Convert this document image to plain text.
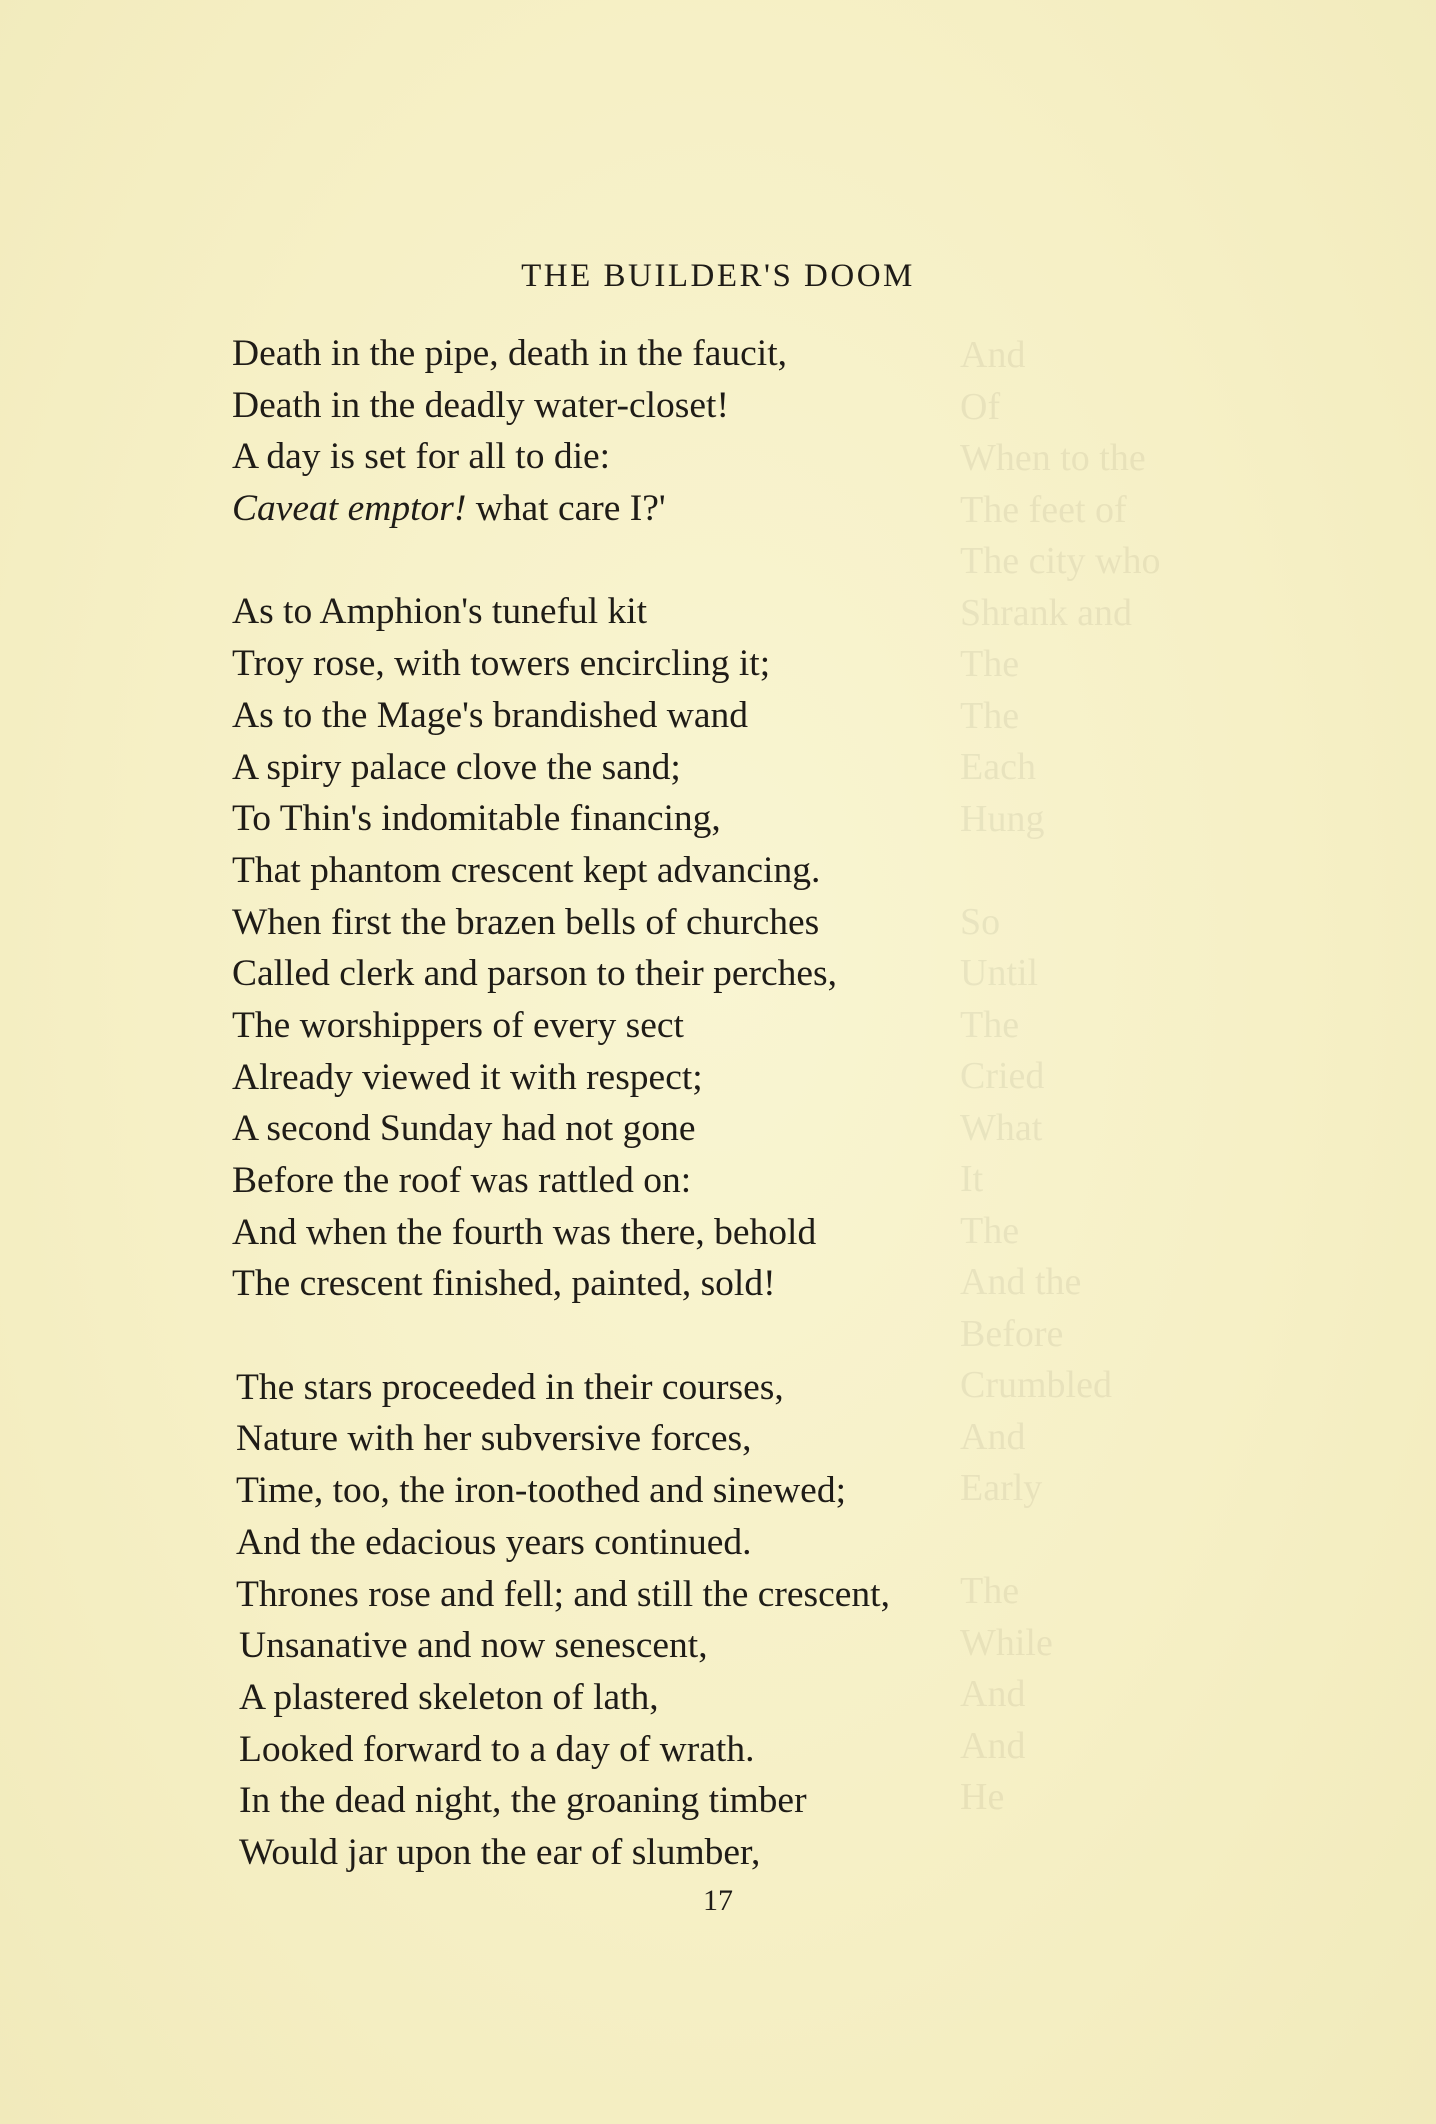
And
Of
When to the
The feet of
The city who
Shrank and
The
The
Each
Hung

So
Until
The
Cried
What
It
The
And the
Before
Crumbled
And
Early

The
While
And
And
He
THE BUILDER'S DOOM
Death in the pipe, death in the faucit,
Death in the deadly water-closet!
A day is set for all to die:
Caveat emptor! what care I?'
As to Amphion's tuneful kit
Troy rose, with towers encircling it;
As to the Mage's brandished wand
A spiry palace clove the sand;
To Thin's indomitable financing,
That phantom crescent kept advancing.
When first the brazen bells of churches
Called clerk and parson to their perches,
The worshippers of every sect
Already viewed it with respect;
A second Sunday had not gone
Before the roof was rattled on:
And when the fourth was there, behold
The crescent finished, painted, sold!
The stars proceeded in their courses,
Nature with her subversive forces,
Time, too, the iron-toothed and sinewed;
And the edacious years continued.
Thrones rose and fell; and still the crescent,
Unsanative and now senescent,
A plastered skeleton of lath,
Looked forward to a day of wrath.
In the dead night, the groaning timber
Would jar upon the ear of slumber,
17
